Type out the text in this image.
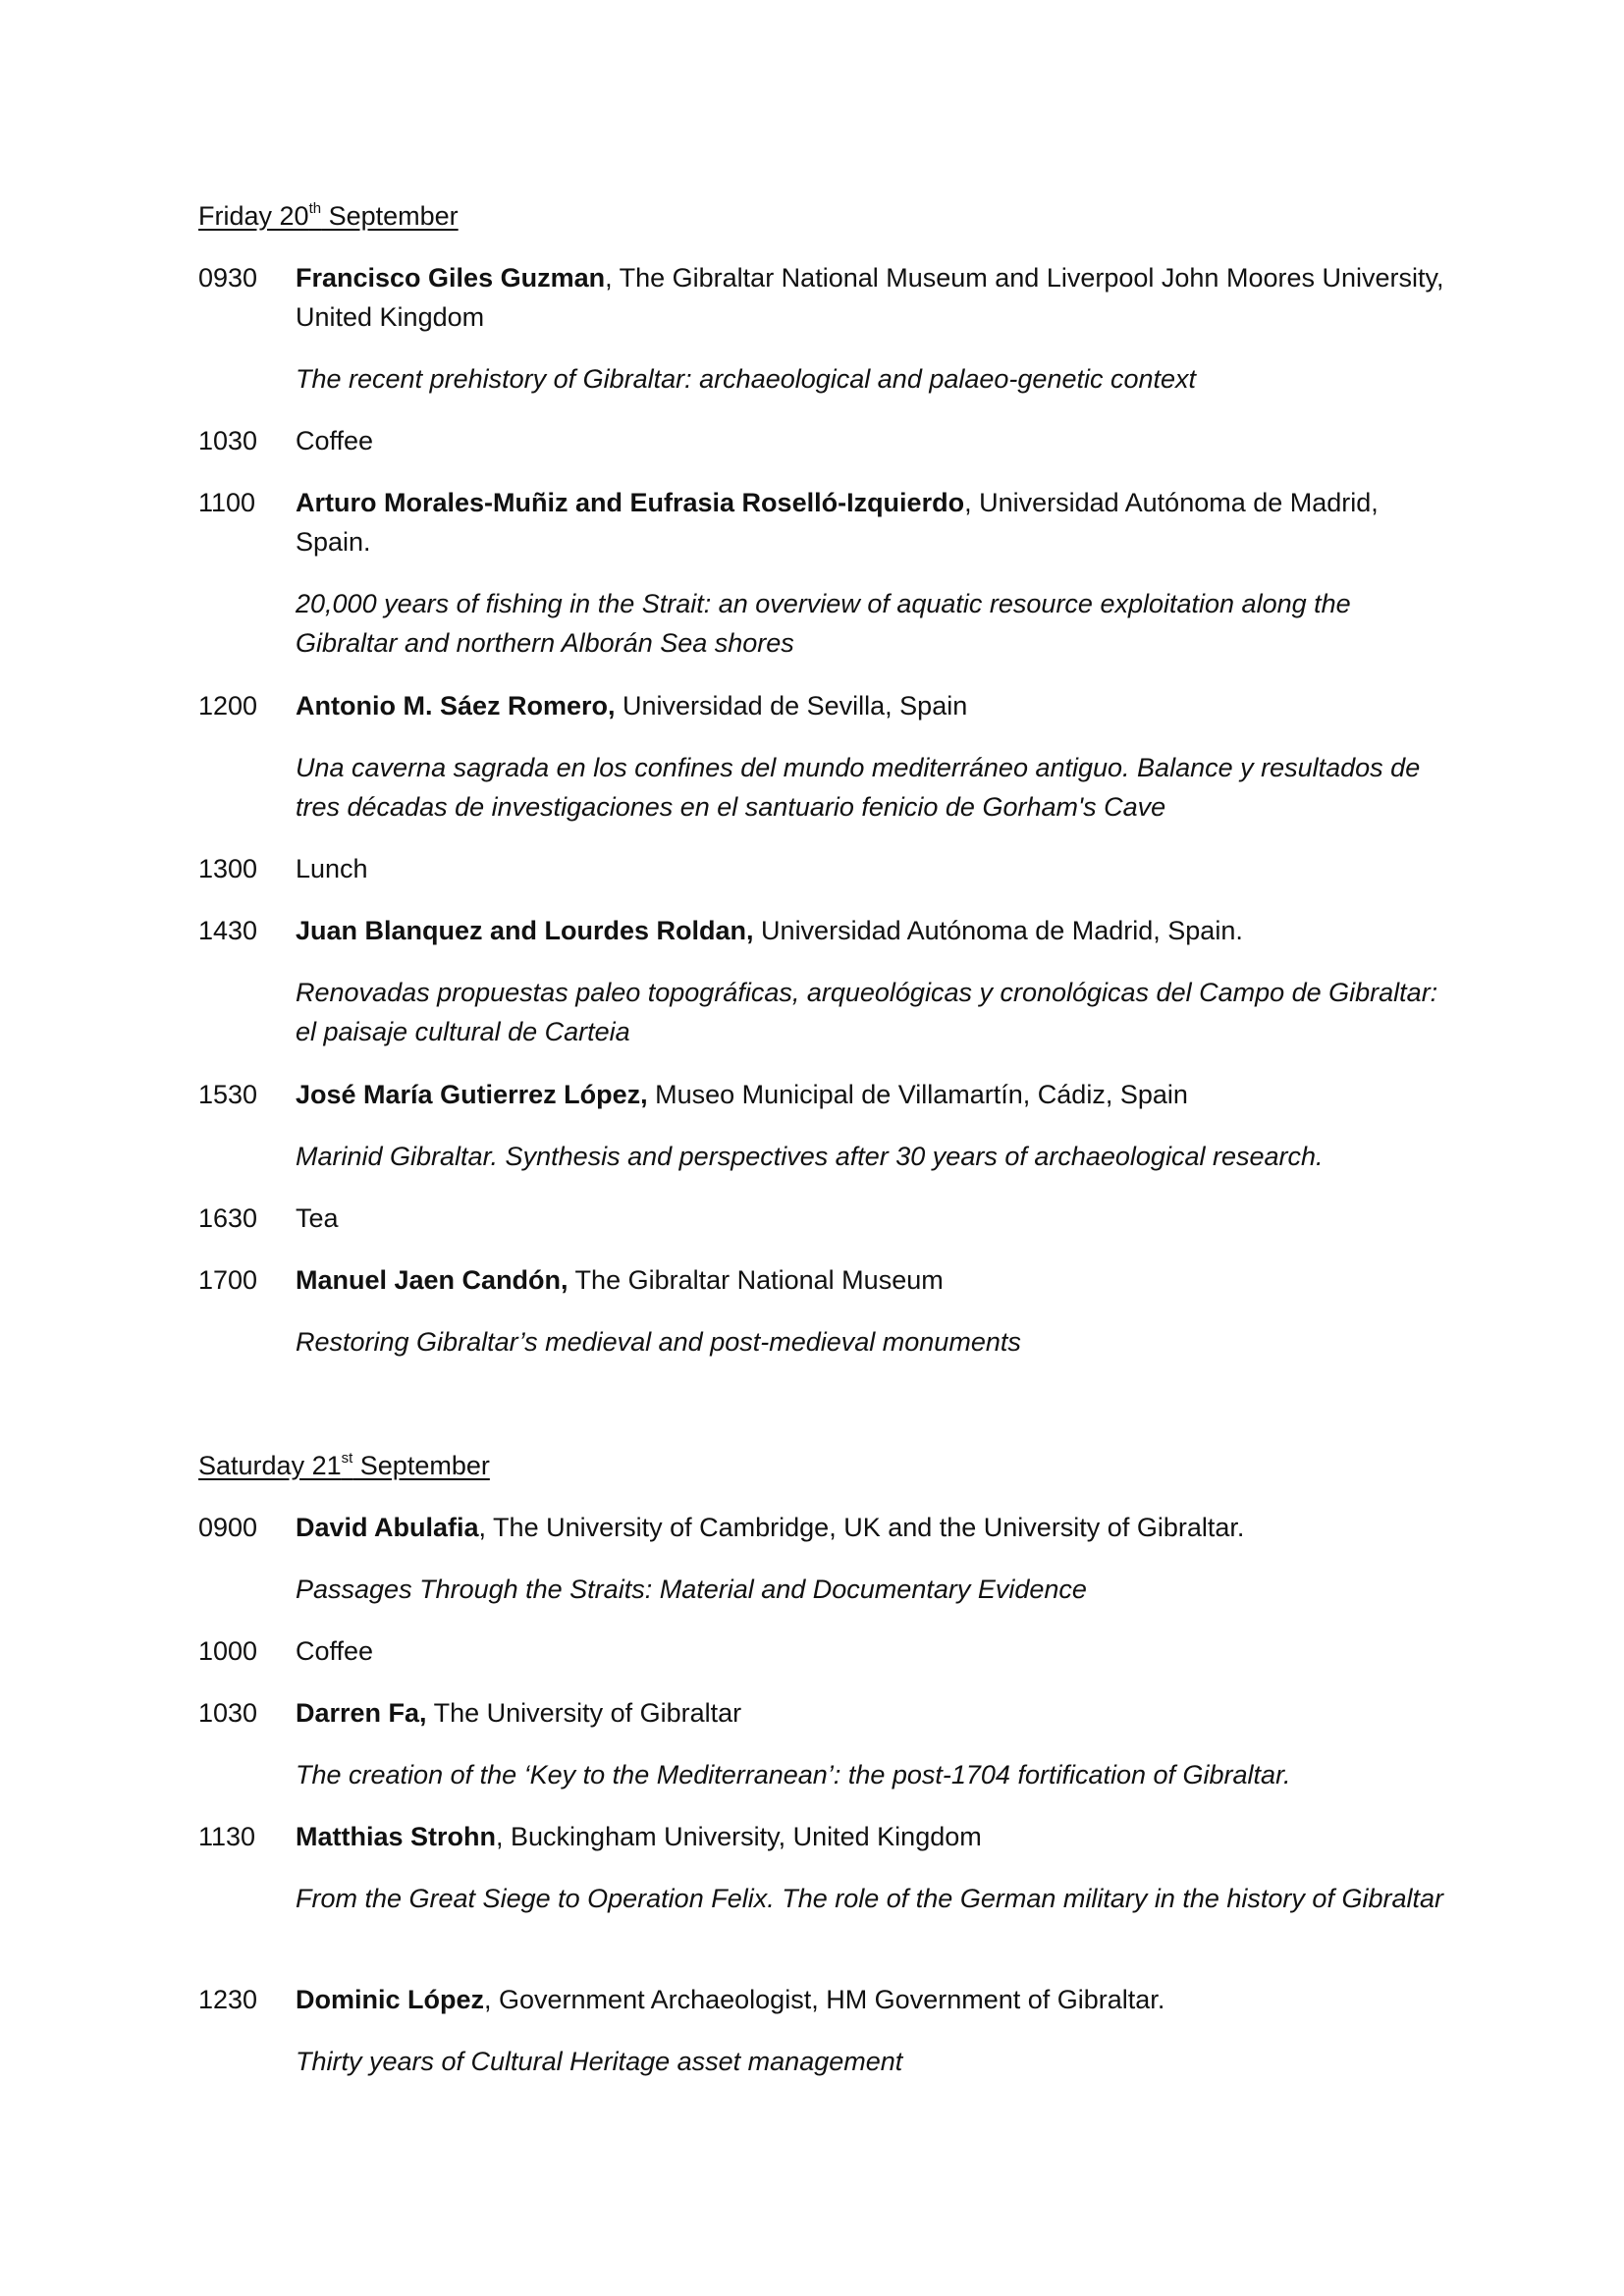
Friday 20th September
0930	Francisco Giles Guzman, The Gibraltar National Museum and Liverpool John Moores University, United Kingdom

The recent prehistory of Gibraltar: archaeological and palaeo-genetic context

1030	Coffee

1100	Arturo Morales-Muñiz and Eufrasia Roselló-Izquierdo, Universidad Autónoma de Madrid, Spain.

20,000 years of fishing in the Strait: an overview of aquatic resource exploitation along the Gibraltar and northern Alborán Sea shores

1200	Antonio M. Sáez Romero, Universidad de Sevilla, Spain

Una caverna sagrada en los confines del mundo mediterráneo antiguo. Balance y resultados de tres décadas de investigaciones en el santuario fenicio de Gorham's Cave

1300	Lunch

1430	Juan Blanquez and Lourdes Roldan, Universidad Autónoma de Madrid, Spain.

Renovadas propuestas paleo topográficas, arqueológicas y cronológicas del Campo de Gibraltar: el paisaje cultural de Carteia

1530	José María Gutierrez López, Museo Municipal de Villamartín, Cádiz, Spain

Marinid Gibraltar. Synthesis and perspectives after 30 years of archaeological research.

1630	Tea

1700	Manuel Jaen Candón, The Gibraltar National Museum

Restoring Gibraltar’s medieval and post-medieval monuments

Saturday 21st September
0900	David Abulafia, The University of Cambridge, UK and the University of Gibraltar.

Passages Through the Straits: Material and Documentary Evidence

1000	Coffee

1030	Darren Fa, The University of Gibraltar

The creation of the ‘Key to the Mediterranean’: the post-1704 fortification of Gibraltar.

1130	Matthias Strohn, Buckingham University, United Kingdom

From the Great Siege to Operation Felix. The role of the German military in the history of Gibraltar

1230	Dominic López, Government Archaeologist, HM Government of Gibraltar.

Thirty years of Cultural Heritage asset management
